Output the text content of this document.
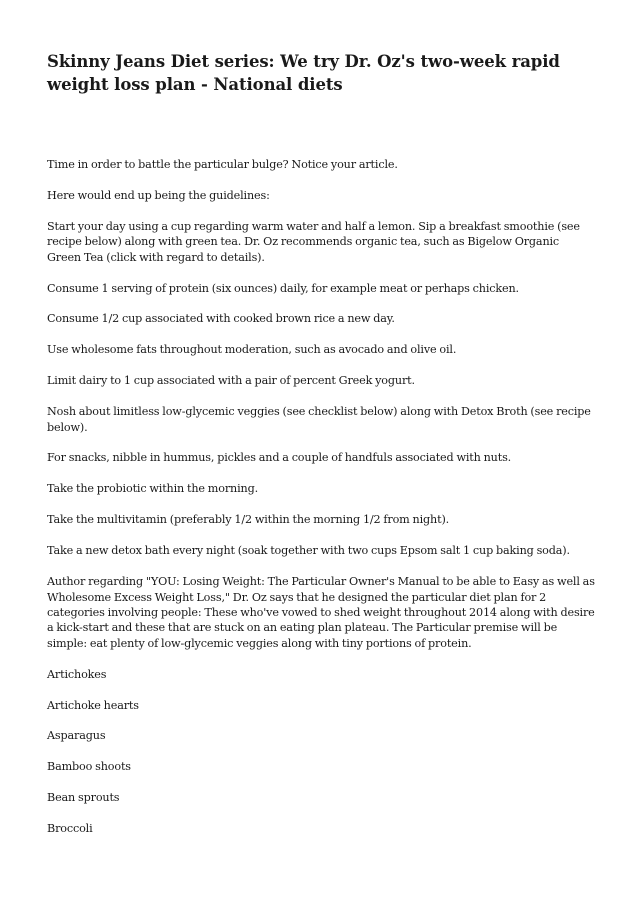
Skinny Jeans Diet series: We try Dr. Oz's two-week rapid weight loss plan - National diets

Time in order to battle the particular bulge? Notice your article.

Here would end up being the guidelines:

Start your day using a cup regarding warm water and half a lemon. Sip a breakfast smoothie (see recipe below) along with green tea. Dr. Oz recommends organic tea, such as Bigelow Organic Green Tea (click with regard to details).

Consume 1 serving of protein (six ounces) daily, for example meat or perhaps chicken.

Consume 1/2 cup associated with cooked brown rice a new day.

Use wholesome fats throughout moderation, such as avocado and olive oil.

Limit dairy to 1 cup associated with a pair of percent Greek yogurt.

Nosh about limitless low-glycemic veggies (see checklist below) along with Detox Broth (see recipe below).

For snacks, nibble in hummus, pickles and a couple of handfuls associated with nuts.

Take the probiotic within the morning.

Take the multivitamin (preferably 1/2 within the morning 1/2 from night).

Take a new detox bath every night (soak together with two cups Epsom salt 1 cup baking soda).

Author regarding "YOU: Losing Weight: The Particular Owner's Manual to be able to Easy as well as Wholesome Excess Weight Loss," Dr. Oz says that he designed the particular diet plan for 2 categories involving people: These who've vowed to shed weight throughout 2014 along with desire a kick-start and these that are stuck on an eating plan plateau. The Particular premise will be simple: eat plenty of low-glycemic veggies along with tiny portions of protein.

Artichokes

Artichoke hearts

Asparagus

Bamboo shoots

Bean sprouts

Broccoli
